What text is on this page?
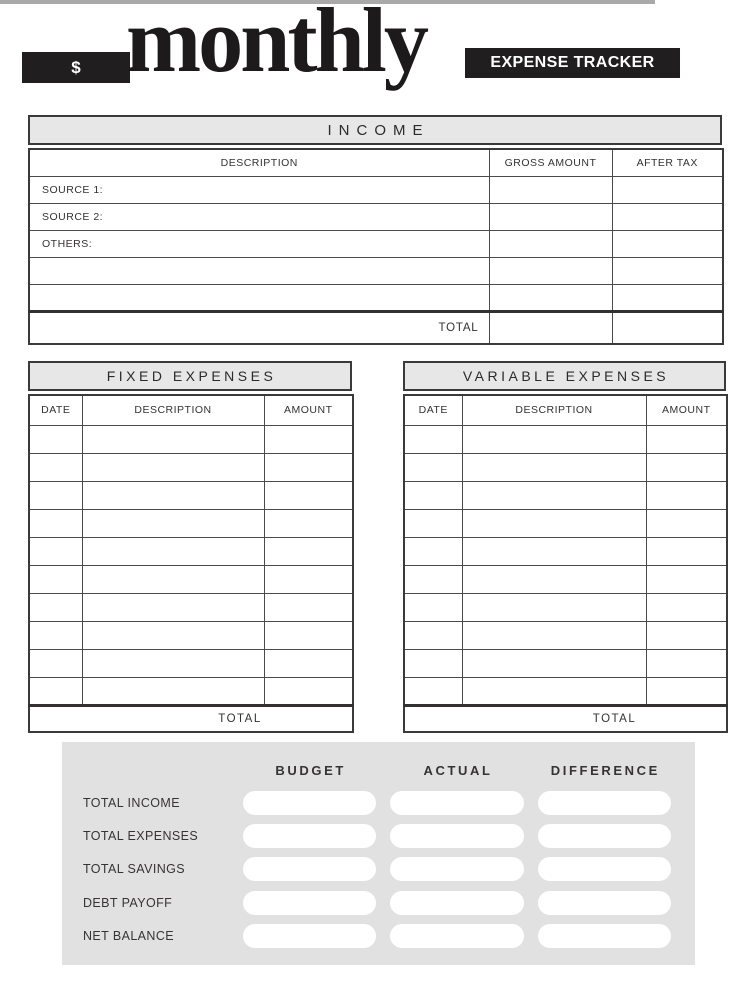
$ monthly	EXPENSE TRACKER
INCOME
DESCRIPTION	GROSS AMOUNT	AFTER TAX
SOURCE 1:		
SOURCE 2:		
OTHERS:		

TOTAL		
FIXED EXPENSES
DATE	DESCRIPTION	AMOUNT

TOTAL		
VARIABLE EXPENSES
DATE	DESCRIPTION	AMOUNT

TOTAL		
BUDGET	ACTUAL	DIFFERENCE
TOTAL INCOME
TOTAL EXPENSES
TOTAL SAVINGS
DEBT PAYOFF
NET BALANCE
